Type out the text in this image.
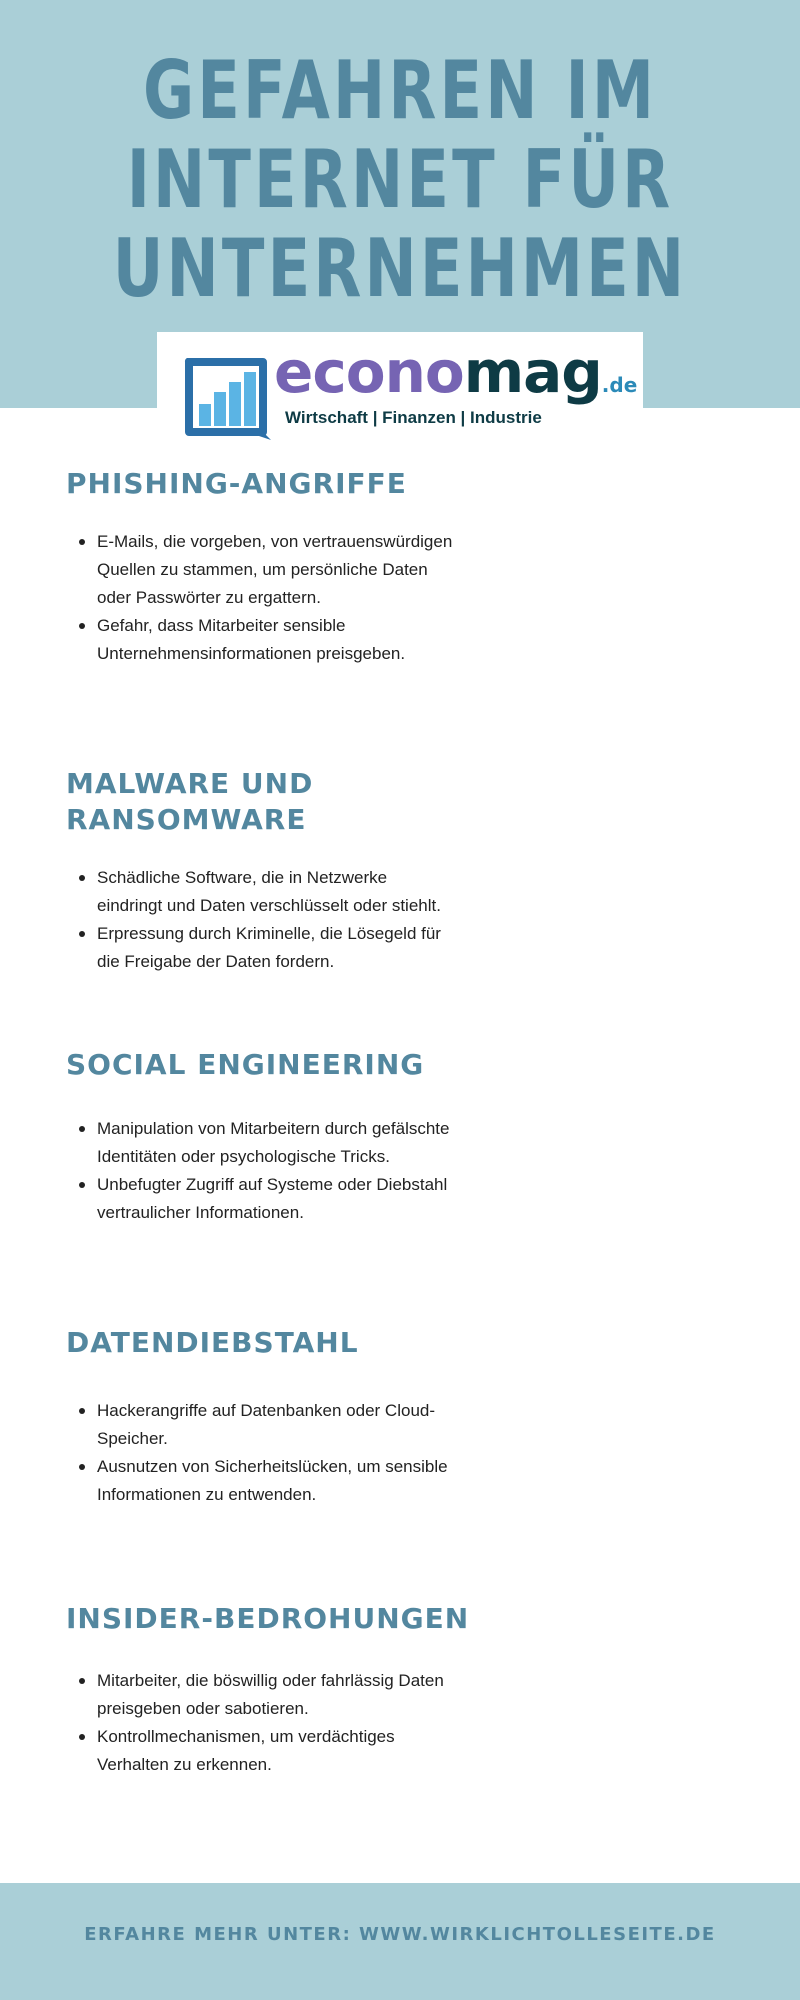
GEFAHREN IM
INTERNET FÜR
UNTERNEHMEN
economag.de
Wirtschaft | Finanzen | Industrie
PHISHING-ANGRIFFE
E-Mails, die vorgeben, von vertrauenswürdigen
Quellen zu stammen, um persönliche Daten
oder Passwörter zu ergattern.
Gefahr, dass Mitarbeiter sensible
Unternehmensinformationen preisgeben.
MALWARE UND
RANSOMWARE
Schädliche Software, die in Netzwerke
eindringt und Daten verschlüsselt oder stiehlt.
Erpressung durch Kriminelle, die Lösegeld für
die Freigabe der Daten fordern.
SOCIAL ENGINEERING
Manipulation von Mitarbeitern durch gefälschte
Identitäten oder psychologische Tricks.
Unbefugter Zugriff auf Systeme oder Diebstahl
vertraulicher Informationen.
DATENDIEBSTAHL
Hackerangriffe auf Datenbanken oder Cloud-
Speicher.
Ausnutzen von Sicherheitslücken, um sensible
Informationen zu entwenden.
INSIDER-BEDROHUNGEN
Mitarbeiter, die böswillig oder fahrlässig Daten
preisgeben oder sabotieren.
Kontrollmechanismen, um verdächtiges
Verhalten zu erkennen.
ERFAHRE MEHR UNTER: WWW.WIRKLICHTOLLESEITE.DE
